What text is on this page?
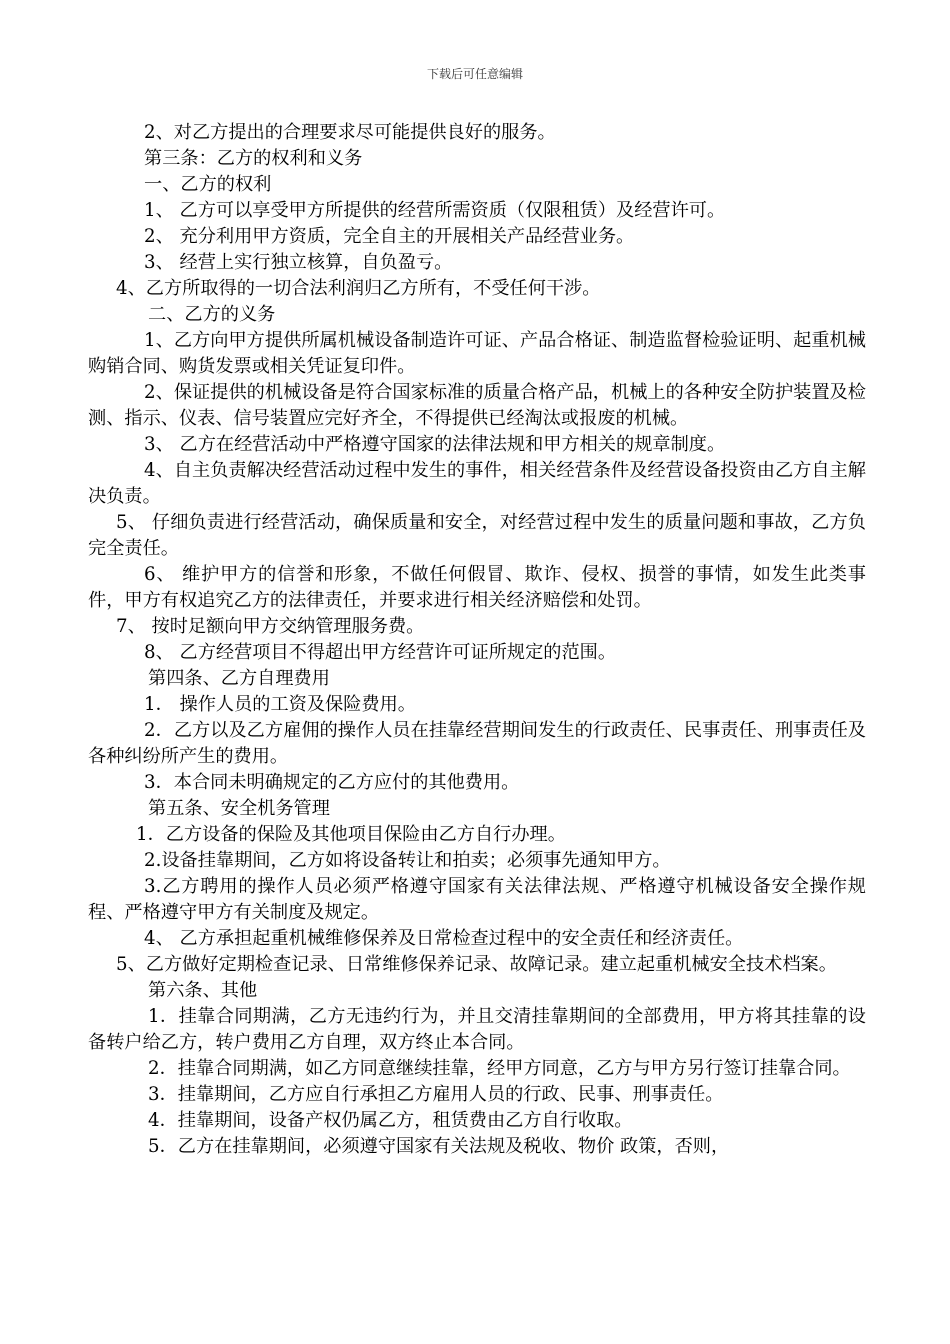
下载后可任意编辑

2、对乙方提出的合理要求尽可能提供良好的服务。

第三条：乙方的权利和义务

一、乙方的权利

1、 乙方可以享受甲方所提供的经营所需资质（仅限租赁）及经营许可。

2、 充分利用甲方资质，完全自主的开展相关产品经营业务。

3、 经营上实行独立核算，自负盈亏。

4、乙方所取得的一切合法利润归乙方所有，不受任何干涉。

二、乙方的义务

1、乙方向甲方提供所属机械设备制造许可证、产品合格证、制造监督检验证明、起重机械购销合同、购货发票或相关凭证复印件。

2、保证提供的机械设备是符合国家标准的质量合格产品，机械上的各种安全防护装置及检测、指示、仪表、信号装置应完好齐全，不得提供已经淘汰或报废的机械。

3、 乙方在经营活动中严格遵守国家的法律法规和甲方相关的规章制度。

4、自主负责解决经营活动过程中发生的事件，相关经营条件及经营设备投资由乙方自主解决负责。

5、 仔细负责进行经营活动，确保质量和安全，对经营过程中发生的质量问题和事故，乙方负完全责任。

6、 维护甲方的信誉和形象，不做任何假冒、欺诈、侵权、损誉的事情，如发生此类事件，甲方有权追究乙方的法律责任，并要求进行相关经济赔偿和处罚。

7、 按时足额向甲方交纳管理服务费。

8、 乙方经营项目不得超出甲方经营许可证所规定的范围。

第四条、乙方自理费用

1． 操作人员的工资及保险费用。

2．乙方以及乙方雇佣的操作人员在挂靠经营期间发生的行政责任、民事责任、刑事责任及各种纠纷所产生的费用。

3．本合同未明确规定的乙方应付的其他费用。

第五条、安全机务管理

1．乙方设备的保险及其他项目保险由乙方自行办理。

2.设备挂靠期间，乙方如将设备转让和拍卖；必须事先通知甲方。

3.乙方聘用的操作人员必须严格遵守国家有关法律法规、严格遵守机械设备安全操作规程、严格遵守甲方有关制度及规定。

4、 乙方承担起重机械维修保养及日常检查过程中的安全责任和经济责任。

5、乙方做好定期检查记录、日常维修保养记录、故障记录。建立起重机械安全技术档案。

第六条、其他

1．挂靠合同期满，乙方无违约行为，并且交清挂靠期间的全部费用，甲方将其挂靠的设备转户给乙方，转户费用乙方自理，双方终止本合同。

2．挂靠合同期满，如乙方同意继续挂靠，经甲方同意，乙方与甲方另行签订挂靠合同。

3．挂靠期间，乙方应自行承担乙方雇用人员的行政、民事、刑事责任。

4．挂靠期间，设备产权仍属乙方，租赁费由乙方自行收取。

5．乙方在挂靠期间，必须遵守国家有关法规及税收、物价 政策，否则，
